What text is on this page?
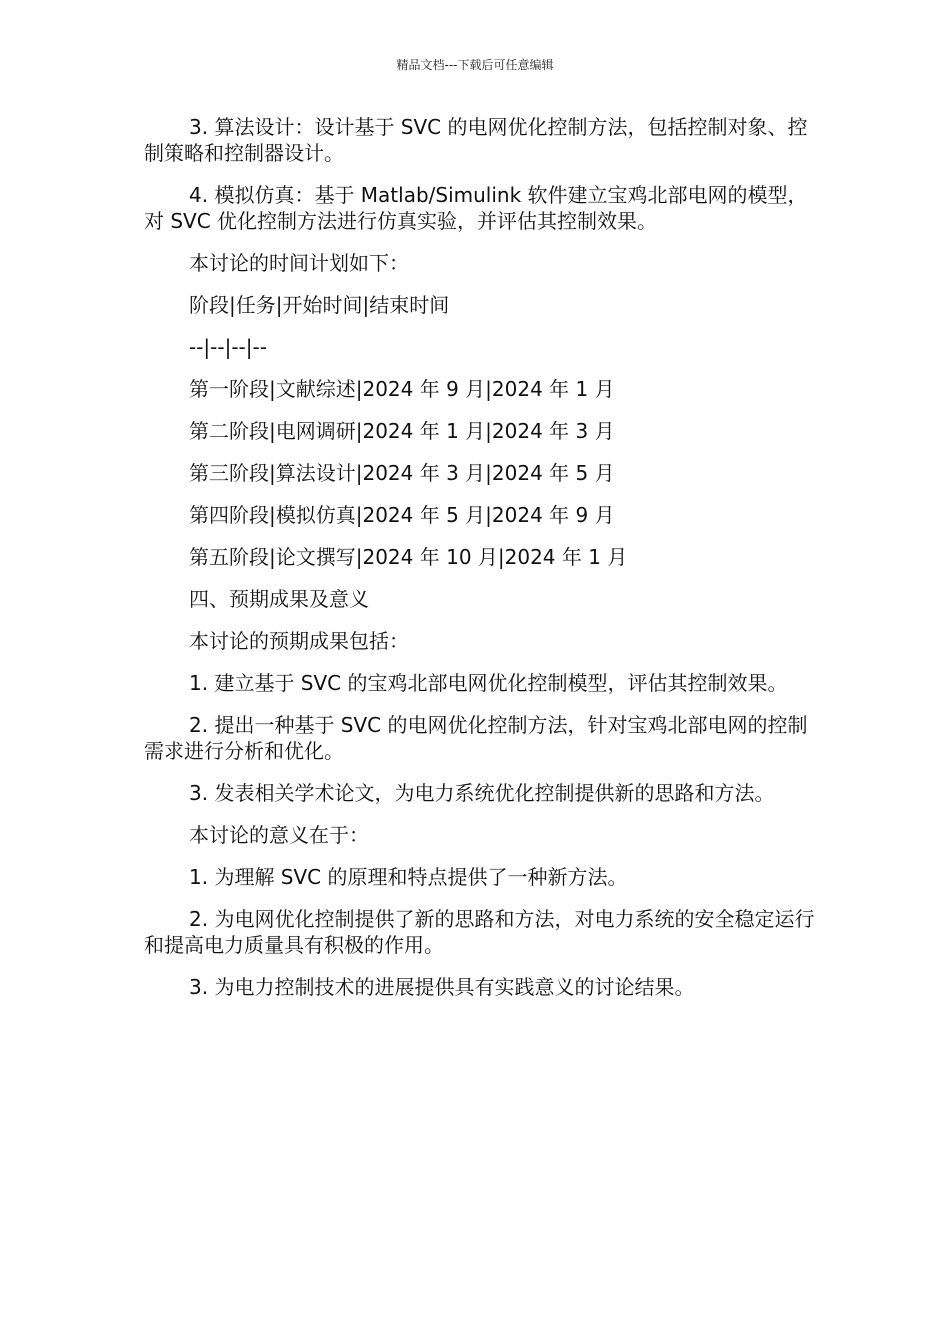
精品文档---下载后可任意编辑

3. 算法设计：设计基于 SVC 的电网优化控制方法，包括控制对象、控制策略和控制器设计。

4. 模拟仿真：基于 Matlab/Simulink 软件建立宝鸡北部电网的模型，对 SVC 优化控制方法进行仿真实验，并评估其控制效果。

本讨论的时间计划如下：

阶段|任务|开始时间|结束时间

--|--|--|--

第一阶段|文献综述|2024 年 9 月|2024 年 1 月

第二阶段|电网调研|2024 年 1 月|2024 年 3 月

第三阶段|算法设计|2024 年 3 月|2024 年 5 月

第四阶段|模拟仿真|2024 年 5 月|2024 年 9 月

第五阶段|论文撰写|2024 年 10 月|2024 年 1 月

四、预期成果及意义

本讨论的预期成果包括：

1. 建立基于 SVC 的宝鸡北部电网优化控制模型，评估其控制效果。

2. 提出一种基于 SVC 的电网优化控制方法，针对宝鸡北部电网的控制需求进行分析和优化。

3. 发表相关学术论文，为电力系统优化控制提供新的思路和方法。

本讨论的意义在于：

1. 为理解 SVC 的原理和特点提供了一种新方法。

2. 为电网优化控制提供了新的思路和方法，对电力系统的安全稳定运行和提高电力质量具有积极的作用。

3. 为电力控制技术的进展提供具有实践意义的讨论结果。
